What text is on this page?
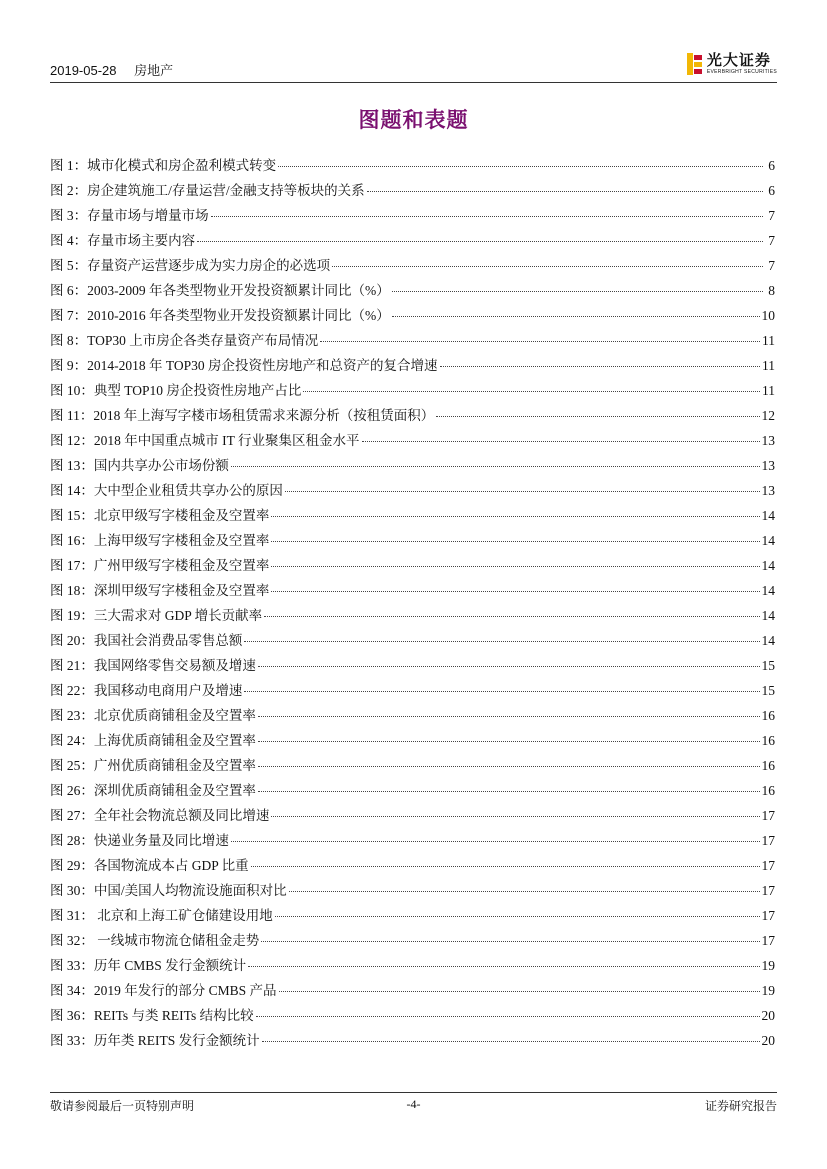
2019-05-28 房地产
光大证券
EVERBRIGHT SECURITIES
图题和表题
图 1：城市化模式和房企盈利模式转变	6
图 2：房企建筑施工/存量运营/金融支持等板块的关系	6
图 3：存量市场与增量市场	7
图 4：存量市场主要内容	7
图 5：存量资产运营逐步成为实力房企的必选项	7
图 6：2003-2009 年各类型物业开发投资额累计同比（%）	8
图 7：2010-2016 年各类型物业开发投资额累计同比（%）	10
图 8：TOP30 上市房企各类存量资产布局情况	11
图 9：2014-2018 年 TOP30 房企投资性房地产和总资产的复合增速	11
图 10：典型 TOP10 房企投资性房地产占比	11
图 11：2018 年上海写字楼市场租赁需求来源分析（按租赁面积）	12
图 12：2018 年中国重点城市 IT 行业聚集区租金水平	13
图 13：国内共享办公市场份额	13
图 14：大中型企业租赁共享办公的原因	13
图 15：北京甲级写字楼租金及空置率	14
图 16：上海甲级写字楼租金及空置率	14
图 17：广州甲级写字楼租金及空置率	14
图 18：深圳甲级写字楼租金及空置率	14
图 19：三大需求对 GDP 增长贡献率	14
图 20：我国社会消费品零售总额	14
图 21：我国网络零售交易额及增速	15
图 22：我国移动电商用户及增速	15
图 23：北京优质商铺租金及空置率	16
图 24：上海优质商铺租金及空置率	16
图 25：广州优质商铺租金及空置率	16
图 26：深圳优质商铺租金及空置率	16
图 27：全年社会物流总额及同比增速	17
图 28：快递业务量及同比增速	17
图 29：各国物流成本占 GDP 比重	17
图 30：中国/美国人均物流设施面积对比	17
图 31： 北京和上海工矿仓储建设用地	17
图 32： 一线城市物流仓储租金走势	17
图 33：历年 CMBS 发行金额统计	19
图 34：2019 年发行的部分 CMBS 产品	19
图 36：REITs 与类 REITs 结构比较	20
图 33：历年类 REITS 发行金额统计	20
敬请参阅最后一页特别声明	-4-	证券研究报告
